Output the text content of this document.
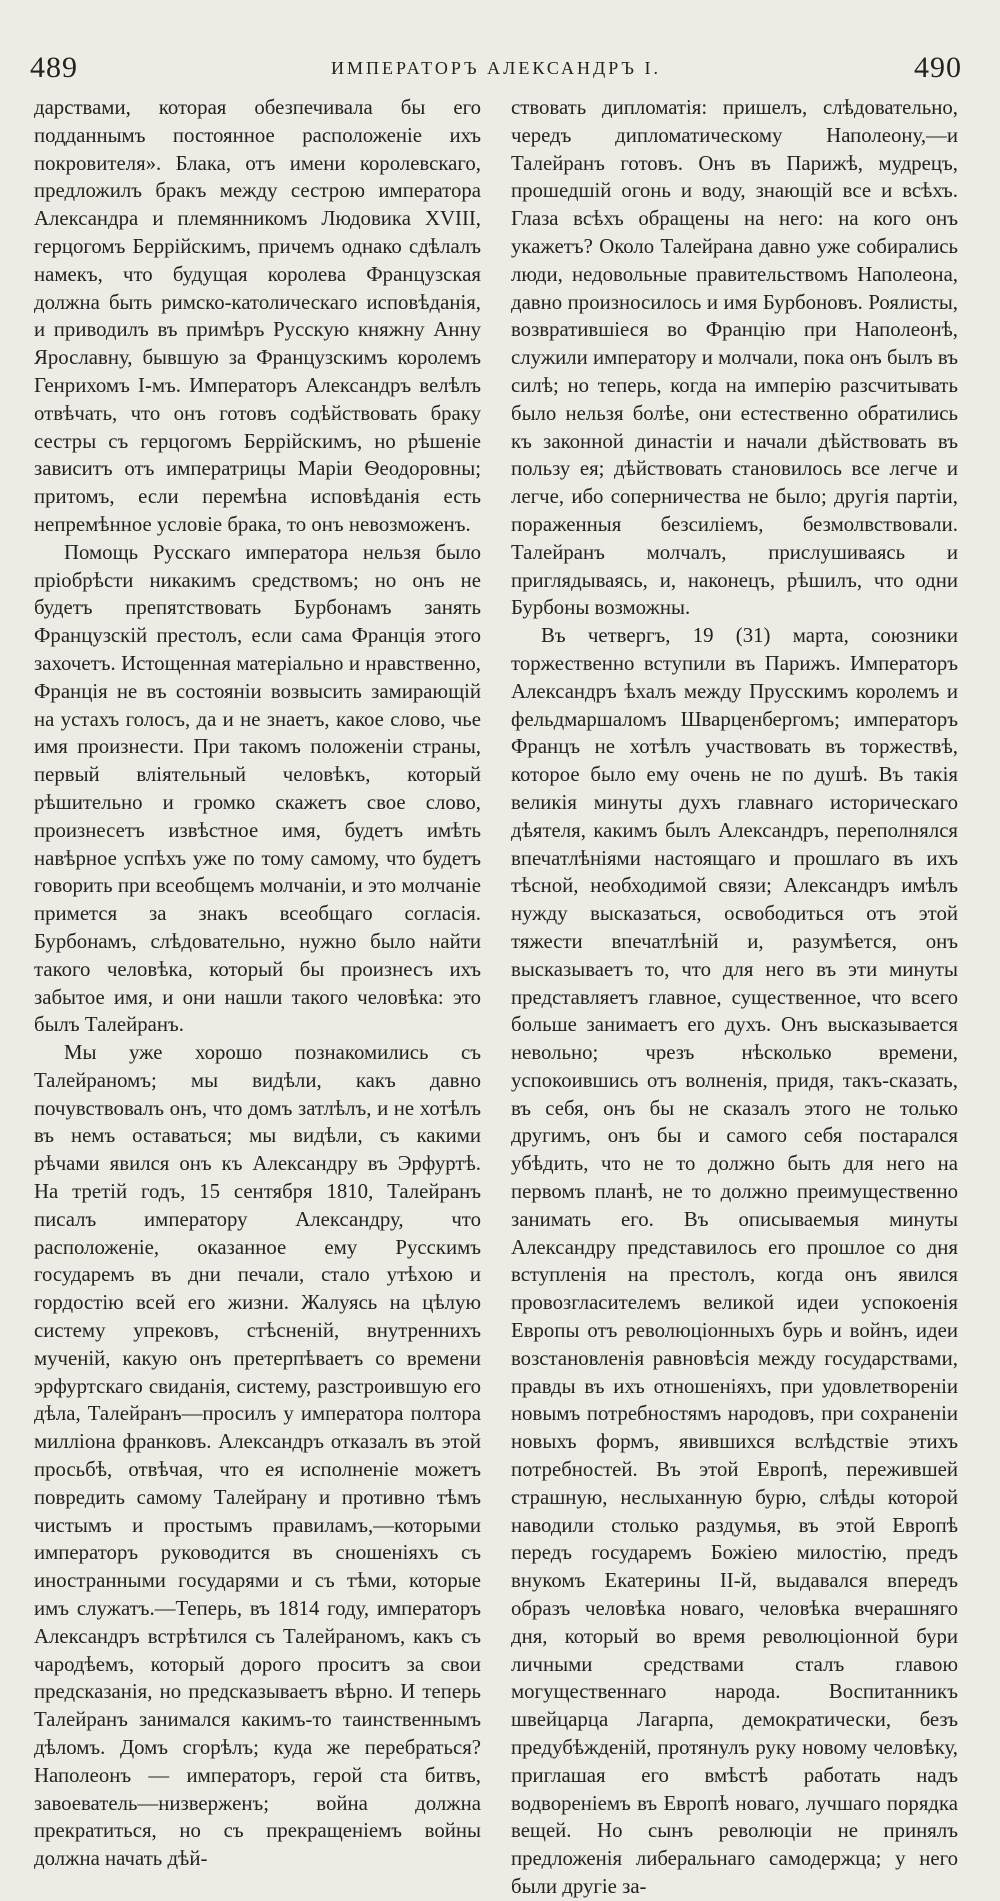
489	ИМПЕРАТОРЪ АЛЕКСАНДРЪ I.	490

дарствами, которая обезпечивала бы его подданнымъ постоянное расположеніе ихъ покровителя». Блака, отъ имени королевскаго, предложилъ бракъ между сестрою императора Александра и племянникомъ Людовика XVIII, герцогомъ Беррійскимъ, причемъ однако сдѣлалъ намекъ, что будущая королева Французская должна быть римско-католическаго исповѣданія, и приводилъ въ примѣръ Русскую княжну Анну Ярославну, бывшую за Французскимъ королемъ Генрихомъ I-мъ. Императоръ Александръ велѣлъ отвѣчать, что онъ готовъ содѣйствовать браку сестры съ герцогомъ Беррійскимъ, но рѣшеніе зависитъ отъ императрицы Маріи Ѳеодоровны; притомъ, если перемѣна исповѣданія есть непремѣнное условіе брака, то онъ невозможенъ.

Помощь Русскаго императора нельзя было пріобрѣсти никакимъ средствомъ; но онъ не будетъ препятствовать Бурбонамъ занять Французскій престолъ, если сама Франція этого захочетъ. Истощенная матеріально и нравственно, Франція не въ состояніи возвысить замирающій на устахъ голосъ, да и не знаетъ, какое слово, чье имя произнести. При такомъ положеніи страны, первый вліятельный человѣкъ, который рѣшительно и громко скажетъ свое слово, произнесетъ извѣстное имя, будетъ имѣть навѣрное успѣхъ уже по тому самому, что будетъ говорить при всеобщемъ молчаніи, и это молчаніе примется за знакъ всеобщаго согласія. Бурбонамъ, слѣдовательно, нужно было найти такого человѣка, который бы произнесъ ихъ забытое имя, и они нашли такого человѣка: это былъ Талейранъ.

Мы уже хорошо познакомились съ Талейраномъ; мы видѣли, какъ давно почувствовалъ онъ, что домъ затлѣлъ, и не хотѣлъ въ немъ оставаться; мы видѣли, съ какими рѣчами явился онъ къ Александру въ Эрфуртѣ. На третій годъ, 15 сентября 1810, Талейранъ писалъ императору Александру, что расположеніе, оказанное ему Русскимъ государемъ въ дни печали, стало утѣхою и гордостію всей его жизни. Жалуясь на цѣлую систему упрековъ, стѣсненій, внутреннихъ мученій, какую онъ претерпѣваетъ со времени эрфуртскаго свиданія, систему, разстроившую его дѣла, Талейранъ—просилъ у императора полтора милліона франковъ. Александръ отказалъ въ этой просьбѣ, отвѣчая, что ея исполненіе можетъ повредить самому Талейрану и противно тѣмъ чистымъ и простымъ правиламъ,—которыми императоръ руководится въ сношеніяхъ съ иностранными государями и съ тѣми, которые имъ служатъ.—Теперь, въ 1814 году, императоръ Александръ встрѣтился съ Талейраномъ, какъ съ чародѣемъ, который дорого проситъ за свои предсказанія, но предсказываетъ вѣрно. И теперь Талейранъ занимался какимъ-то таинственнымъ дѣломъ. Домъ сгорѣлъ; куда же перебраться? Наполеонъ — императоръ, герой ста битвъ, завоеватель—низверженъ; война должна прекратиться, но съ прекращеніемъ войны должна начать дѣй-

ствовать дипломатія: пришелъ, слѣдовательно, чередъ дипломатическому Наполеону,—и Талейранъ готовъ. Онъ въ Парижѣ, мудрецъ, прошедшій огонь и воду, знающій все и всѣхъ. Глаза всѣхъ обращены на него: на кого онъ укажетъ? Около Талейрана давно уже собирались люди, недовольные правительствомъ Наполеона, давно произносилось и имя Бурбоновъ. Роялисты, возвратившіеся во Францію при Наполеонѣ, служили императору и молчали, пока онъ былъ въ силѣ; но теперь, когда на имперію разсчитывать было нельзя болѣе, они естественно обратились къ законной династіи и начали дѣйствовать въ пользу ея; дѣйствовать становилось все легче и легче, ибо соперничества не было; другія партіи, пораженныя безсиліемъ, безмолвствовали. Талейранъ молчалъ, прислушиваясь и приглядываясь, и, наконецъ, рѣшилъ, что одни Бурбоны возможны.

Въ четвергъ, 19 (31) марта, союзники торжественно вступили въ Парижъ. Императоръ Александръ ѣхалъ между Прусскимъ королемъ и фельдмаршаломъ Шварценбергомъ; императоръ Францъ не хотѣлъ участвовать въ торжествѣ, которое было ему очень не по душѣ. Въ такія великія минуты духъ главнаго историческаго дѣятеля, какимъ былъ Александръ, переполнялся впечатлѣніями настоящаго и прошлаго въ ихъ тѣсной, необходимой связи; Александръ имѣлъ нужду высказаться, освободиться отъ этой тяжести впечатлѣній и, разумѣется, онъ высказываетъ то, что для него въ эти минуты представляетъ главное, существенное, что всего больше занимаетъ его духъ. Онъ высказывается невольно; чрезъ нѣсколько времени, успокоившись отъ волненія, придя, такъ-сказать, въ себя, онъ бы не сказалъ этого не только другимъ, онъ бы и самого себя постарался убѣдить, что не то должно быть для него на первомъ планѣ, не то должно преимущественно занимать его. Въ описываемыя минуты Александру представилось его прошлое со дня вступленія на престолъ, когда онъ явился провозгласителемъ великой идеи успокоенія Европы отъ революціонныхъ бурь и войнъ, идеи возстановленія равновѣсія между государствами, правды въ ихъ отношеніяхъ, при удовлетвореніи новымъ потребностямъ народовъ, при сохраненіи новыхъ формъ, явившихся вслѣдствіе этихъ потребностей. Въ этой Европѣ, пережившей страшную, неслыханную бурю, слѣды которой наводили столько раздумья, въ этой Европѣ передъ государемъ Божіею милостію, предъ внукомъ Екатерины II-й, выдавался впередъ образъ человѣка новаго, человѣка вчерашняго дня, который во время революціонной бури личными средствами сталъ главою могущественнаго народа. Воспитанникъ швейцарца Лагарпа, демократически, безъ предубѣжденій, протянулъ руку новому человѣку, приглашая его вмѣстѣ работать надъ водвореніемъ въ Европѣ новаго, лучшаго порядка вещей. Но сынъ революціи не принялъ предложенія либеральнаго самодержца; у него были другіе за-
